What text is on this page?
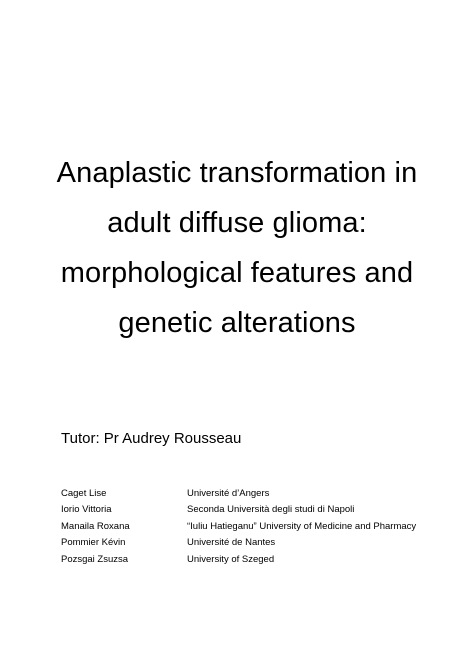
Anaplastic transformation in
adult diffuse glioma:
morphological features and
genetic alterations
Tutor: Pr Audrey Rousseau
Caget Lise	Université d’Angers
Iorio Vittoria	Seconda Università degli studi di Napoli
Manaila Roxana	“Iuliu Hatieganu” University of Medicine and Pharmacy
Pommier Kévin	Université de Nantes
Pozsgai Zsuzsa	University of Szeged
